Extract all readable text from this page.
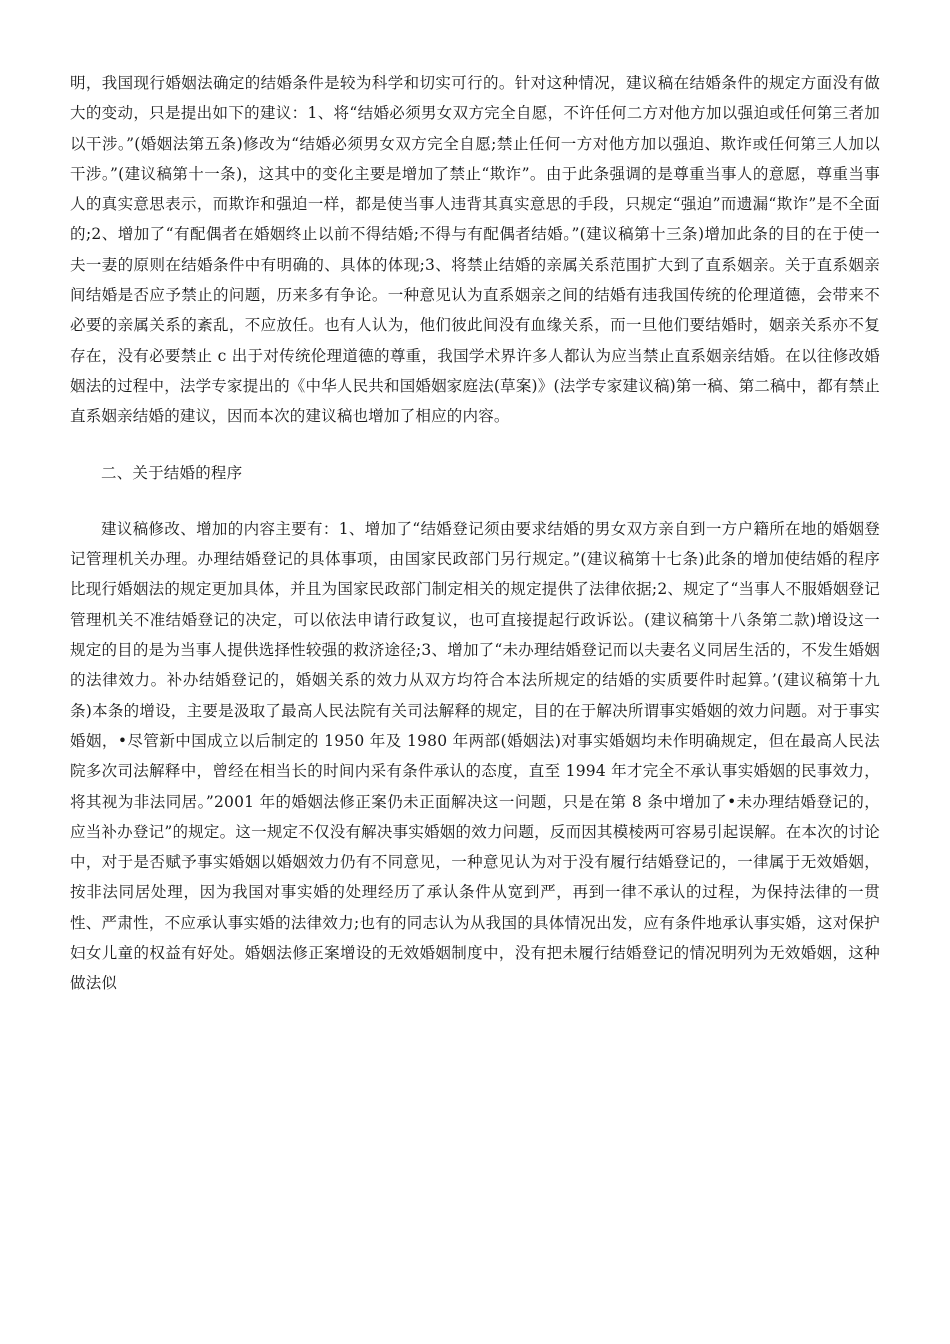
明，我国现行婚姻法确定的结婚条件是较为科学和切实可行的。针对这种情况，建议稿在结婚条件的规定方面没有做大的变动，只是提出如下的建议：1、将“结婚必须男女双方完全自愿，不许任何二方对他方加以强迫或任何第三者加以干涉。”(婚姻法第五条)修改为“结婚必须男女双方完全自愿;禁止任何一方对他方加以强迫、欺诈或任何第三人加以干涉。”(建议稿第十一条)，这其中的变化主要是增加了禁止“欺诈”。由于此条强调的是尊重当事人的意愿，尊重当事人的真实意思表示，而欺诈和强迫一样，都是使当事人违背其真实意思的手段，只规定“强迫”而遗漏“欺诈”是不全面的;2、增加了“有配偶者在婚姻终止以前不得结婚;不得与有配偶者结婚。”(建议稿第十三条)增加此条的目的在于使一夫一妻的原则在结婚条件中有明确的、具体的体现;3、将禁止结婚的亲属关系范围扩大到了直系姻亲。关于直系姻亲间结婚是否应予禁止的问题，历来多有争论。一种意见认为直系姻亲之间的结婚有违我国传统的伦理道德，会带来不必要的亲属关系的紊乱，不应放任。也有人认为，他们彼此间没有血缘关系，而一旦他们要结婚时，姻亲关系亦不复存在，没有必要禁止 c 出于对传统伦理道德的尊重，我国学术界许多人都认为应当禁止直系姻亲结婚。在以往修改婚姻法的过程中，法学专家提出的《中华人民共和国婚姻家庭法(草案)》(法学专家建议稿)第一稿、第二稿中，都有禁止直系姻亲结婚的建议，因而本次的建议稿也增加了相应的内容。

二、关于结婚的程序

建议稿修改、增加的内容主要有：1、增加了“结婚登记须由要求结婚的男女双方亲自到一方户籍所在地的婚姻登记管理机关办理。办理结婚登记的具体事项，由国家民政部门另行规定。”(建议稿第十七条)此条的增加使结婚的程序比现行婚姻法的规定更加具体，并且为国家民政部门制定相关的规定提供了法律依据;2、规定了“当事人不服婚姻登记管理机关不准结婚登记的决定，可以依法申请行政复议，也可直接提起行政诉讼。(建议稿第十八条第二款)增设这一规定的目的是为当事人提供选择性较强的救济途径;3、增加了“未办理结婚登记而以夫妻名义同居生活的，不发生婚姻的法律效力。补办结婚登记的，婚姻关系的效力从双方均符合本法所规定的结婚的实质要件时起算。’(建议稿第十九条)本条的增设，主要是汲取了最高人民法院有关司法解释的规定，目的在于解决所谓事实婚姻的效力问题。对于事实婚姻，•尽管新中国成立以后制定的 1950 年及 1980 年两部(婚姻法)对事实婚姻均未作明确规定，但在最高人民法院多次司法解释中，曾经在相当长的时间内采有条件承认的态度，直至 1994 年才完全不承认事实婚姻的民事效力，将其视为非法同居。”2001 年的婚姻法修正案仍未正面解决这一问题，只是在第 8 条中增加了•未办理结婚登记的，应当补办登记”的规定。这一规定不仅没有解决事实婚姻的效力问题，反而因其模棱两可容易引起误解。在本次的讨论中，对于是否赋予事实婚姻以婚姻效力仍有不同意见，一种意见认为对于没有履行结婚登记的，一律属于无效婚姻，按非法同居处理，因为我国对事实婚的处理经历了承认条件从宽到严，再到一律不承认的过程，为保持法律的一贯性、严肃性，不应承认事实婚的法律效力;也有的同志认为从我国的具体情况出发，应有条件地承认事实婚，这对保护妇女儿童的权益有好处。婚姻法修正案增设的无效婚姻制度中，没有把未履行结婚登记的情况明列为无效婚姻，这种做法似
